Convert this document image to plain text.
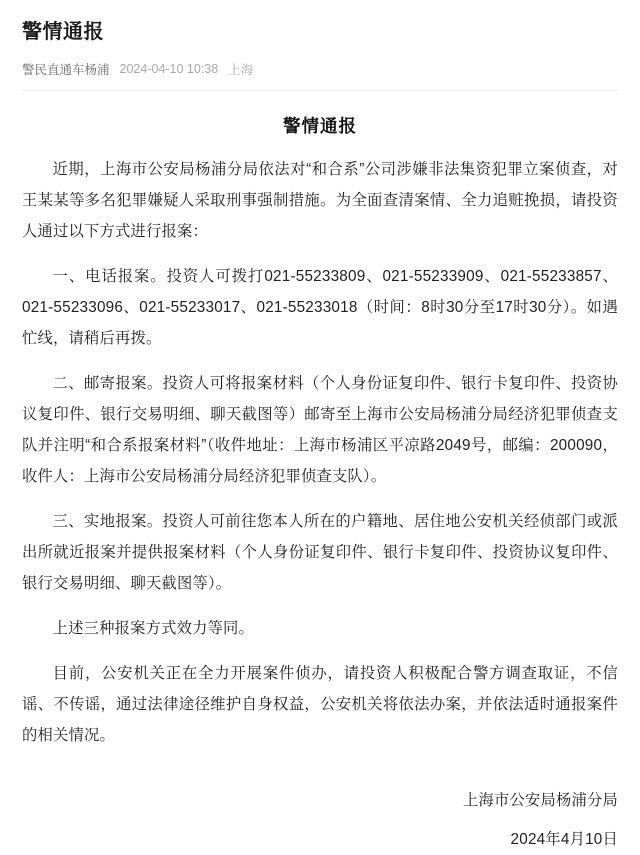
警情通报
警民直通车杨浦 2024-04-10 10:38 上海
警情通报

近期，上海市公安局杨浦分局依法对“和合系”公司涉嫌非法集资犯罪立案侦查，对王某某等多名犯罪嫌疑人采取刑事强制措施。为全面查清案情、全力追赃挽损，请投资人通过以下方式进行报案：

一、电话报案。投资人可拨打021-55233809、021-55233909、021-55233857、021-55233096、021-55233017、021-55233018（时间：8时30分至17时30分）。如遇忙线，请稍后再拨。

二、邮寄报案。投资人可将报案材料（个人身份证复印件、银行卡复印件、投资协议复印件、银行交易明细、聊天截图等）邮寄至上海市公安局杨浦分局经济犯罪侦查支队并注明“和合系报案材料”（收件地址：上海市杨浦区平凉路2049号，邮编：200090，收件人：上海市公安局杨浦分局经济犯罪侦查支队）。

三、实地报案。投资人可前往您本人所在的户籍地、居住地公安机关经侦部门或派出所就近报案并提供报案材料（个人身份证复印件、银行卡复印件、投资协议复印件、银行交易明细、聊天截图等）。

上述三种报案方式效力等同。

目前，公安机关正在全力开展案件侦办，请投资人积极配合警方调查取证，不信谣、不传谣，通过法律途径维护自身权益，公安机关将依法办案，并依法适时通报案件的相关情况。

上海市公安局杨浦分局
2024年4月10日
